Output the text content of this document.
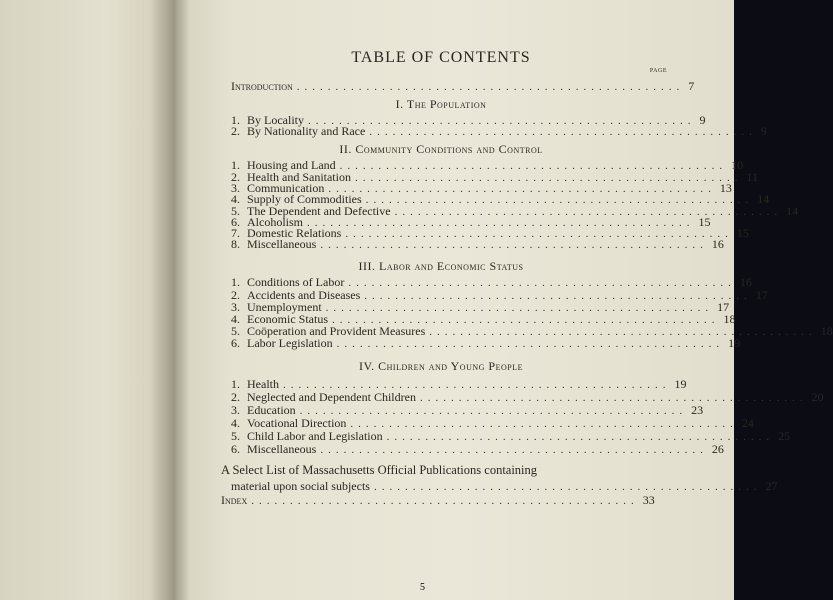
TABLE OF CONTENTS
PAGE
Introduction .................................................. 7
I. The Population
1. By Locality .................................................. 9
2. By Nationality and Race .................................................. 9
II. Community Conditions and Control
1. Housing and Land .................................................. 10
2. Health and Sanitation .................................................. 11
3. Communication .................................................. 13
4. Supply of Commodities .................................................. 14
5. The Dependent and Defective .................................................. 14
6. Alcoholism .................................................. 15
7. Domestic Relations .................................................. 15
8. Miscellaneous .................................................. 16
III. Labor and Economic Status
1. Conditions of Labor .................................................. 16
2. Accidents and Diseases .................................................. 17
3. Unemployment .................................................. 17
4. Economic Status .................................................. 18
5. Coöperation and Provident Measures .................................................. 18
6. Labor Legislation .................................................. 19
IV. Children and Young People
1. Health .................................................. 19
2. Neglected and Dependent Children .................................................. 20
3. Education .................................................. 23
4. Vocational Direction .................................................. 24
5. Child Labor and Legislation .................................................. 25
6. Miscellaneous .................................................. 26
A Select List of Massachusetts Official Publications containing
material upon social subjects .................................................. 27
Index .................................................. 33
5
